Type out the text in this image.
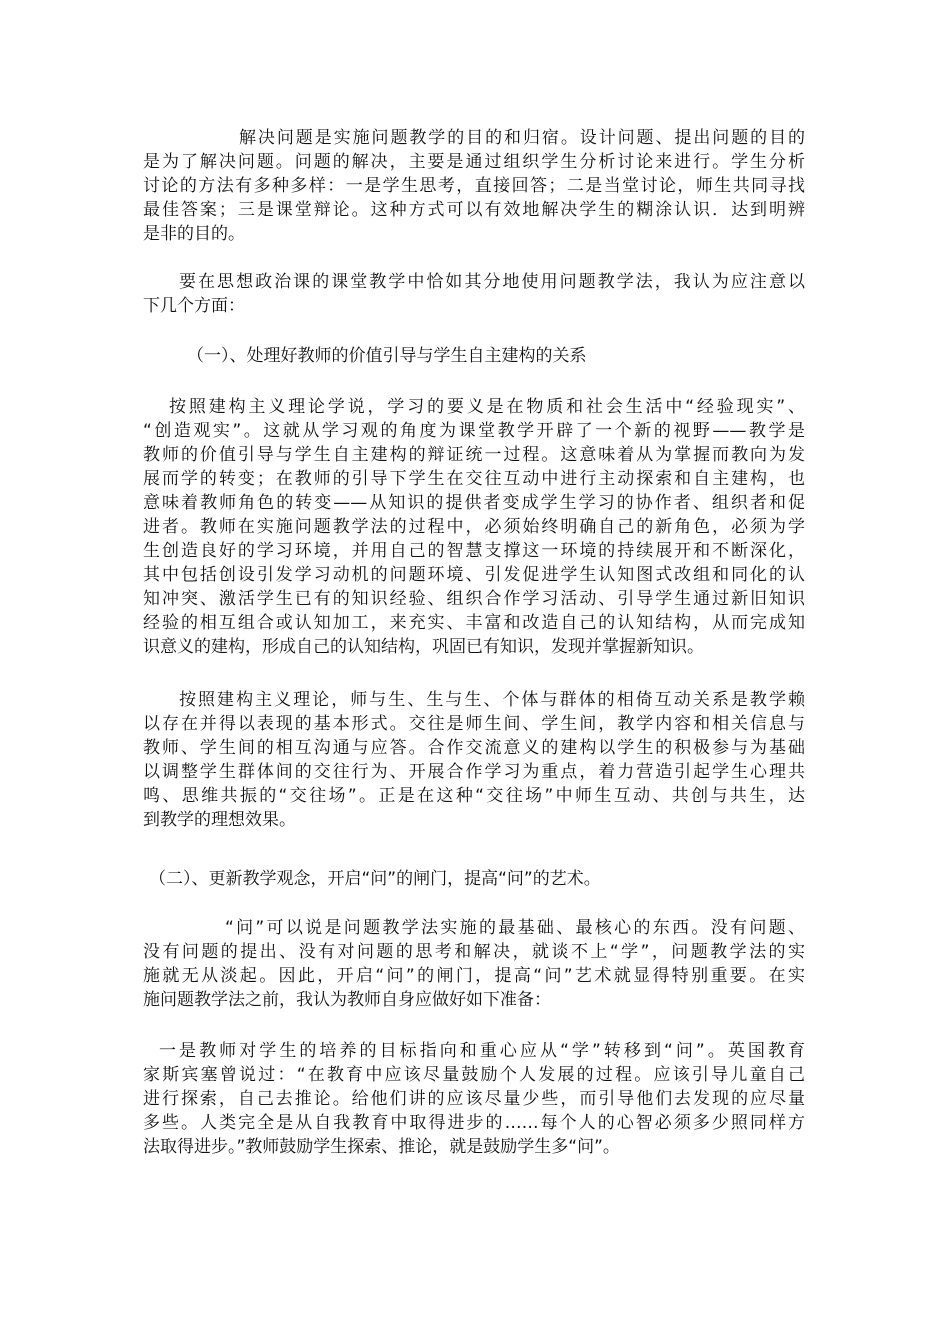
解决问题是实施问题教学的目的和归宿。设计问题、提出问题的目的
是为了解决问题。问题的解决，主要是通过组织学生分析讨论来进行。学生分析
讨论的方法有多种多样：一是学生思考，直接回答；二是当堂讨论，师生共同寻找
最佳答案；三是课堂辩论。这种方式可以有效地解决学生的糊涂认识．达到明辨
是非的目的。
要在思想政治课的课堂教学中恰如其分地使用问题教学法，我认为应注意以
下几个方面：
（一）、处理好教师的价值引导与学生自主建构的关系
按照建构主义理论学说，学习的要义是在物质和社会生活中“经验现实”、
“创造观实”。这就从学习观的角度为课堂教学开辟了一个新的视野——教学是
教师的价值引导与学生自主建构的辩证统一过程。这意味着从为掌握而教向为发
展而学的转变；在教师的引导下学生在交往互动中进行主动探索和自主建构，也
意味着教师角色的转变——从知识的提供者变成学生学习的协作者、组织者和促
进者。教师在实施问题教学法的过程中，必须始终明确自己的新角色，必须为学
生创造良好的学习环境，并用自己的智慧支撑这一环境的持续展开和不断深化，
其中包括创设引发学习动机的问题环境、引发促进学生认知图式改组和同化的认
知冲突、激活学生已有的知识经验、组织合作学习活动、引导学生通过新旧知识
经验的相互组合或认知加工，来充实、丰富和改造自己的认知结构，从而完成知
识意义的建构，形成自己的认知结构，巩固已有知识，发现并掌握新知识。
按照建构主义理论，师与生、生与生、个体与群体的相倚互动关系是教学赖
以存在并得以表现的基本形式。交往是师生间、学生间，教学内容和相关信息与
教师、学生间的相互沟通与应答。合作交流意义的建构以学生的积极参与为基础
以调整学生群体间的交往行为、开展合作学习为重点，着力营造引起学生心理共
鸣、思维共振的“交往场”。正是在这种“交往场”中师生互动、共创与共生，达
到教学的理想效果。
（二）、更新教学观念，开启“问”的闸门，提高“问”的艺术。
“问”可以说是问题教学法实施的最基础、最核心的东西。没有问题、
没有问题的提出、没有对问题的思考和解决，就谈不上“学”，问题教学法的实
施就无从淡起。因此，开启“问”的闸门，提高“问”艺术就显得特别重要。在实
施问题教学法之前，我认为教师自身应做好如下准备：
一是教师对学生的培养的目标指向和重心应从“学”转移到“问”。英国教育
家斯宾塞曾说过：“在教育中应该尽量鼓励个人发展的过程。应该引导儿童自己
进行探索，自己去推论。给他们讲的应该尽量少些，而引导他们去发现的应尽量
多些。人类完全是从自我教育中取得进步的……每个人的心智必须多少照同样方
法取得进步。”教师鼓励学生探索、推论，就是鼓励学生多“问”。
